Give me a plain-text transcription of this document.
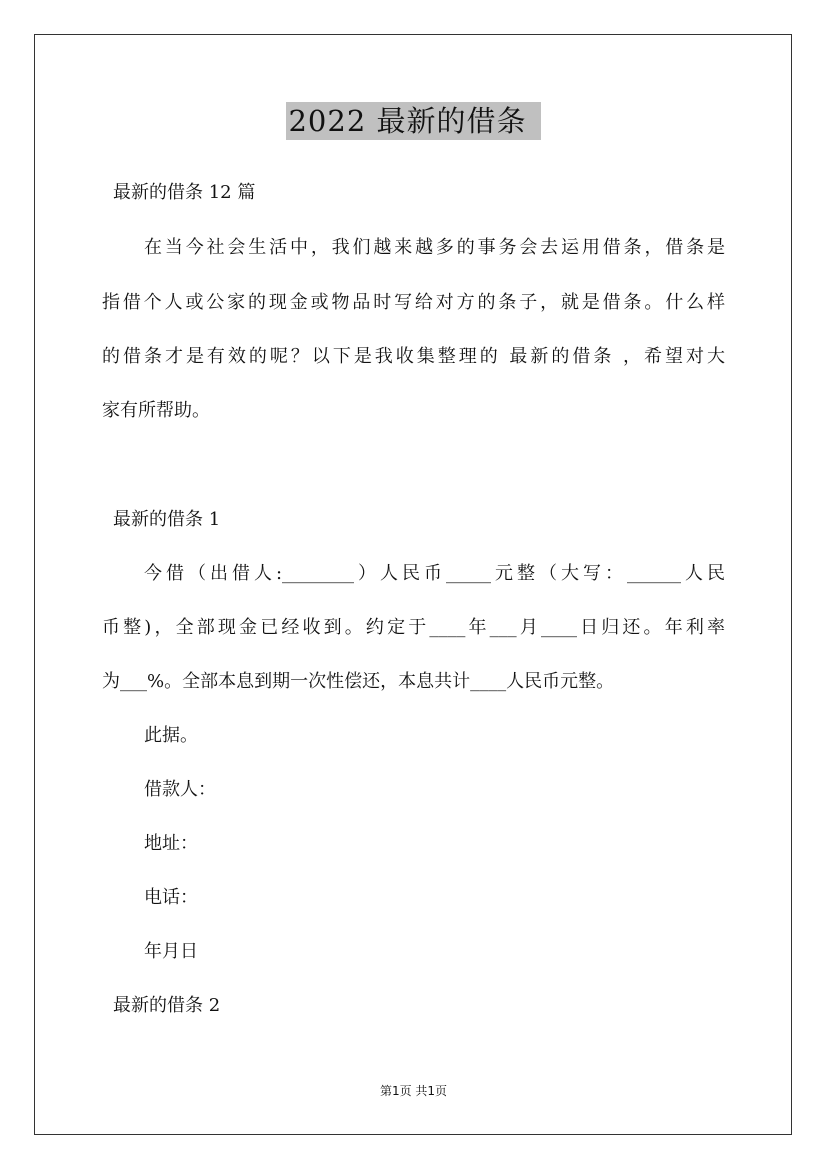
2022 最新的借条
最新的借条 12 篇
在当今社会生活中，我们越来越多的事务会去运用借条，借条是
指借个人或公家的现金或物品时写给对方的条子，就是借条。什么样
的借条才是有效的呢？以下是我收集整理的 最新的借条 ，希望对大
家有所帮助。
最新的借条 1
今借（出借人:________）人民币_____元整（大写：______人民
币整)，全部现金已经收到。约定于____年___月____日归还。年利率
为___%。全部本息到期一次性偿还，本息共计____人民币元整。
此据。
借款人：
地址：
电话：
年月日
最新的借条 2
第1页 共1页
